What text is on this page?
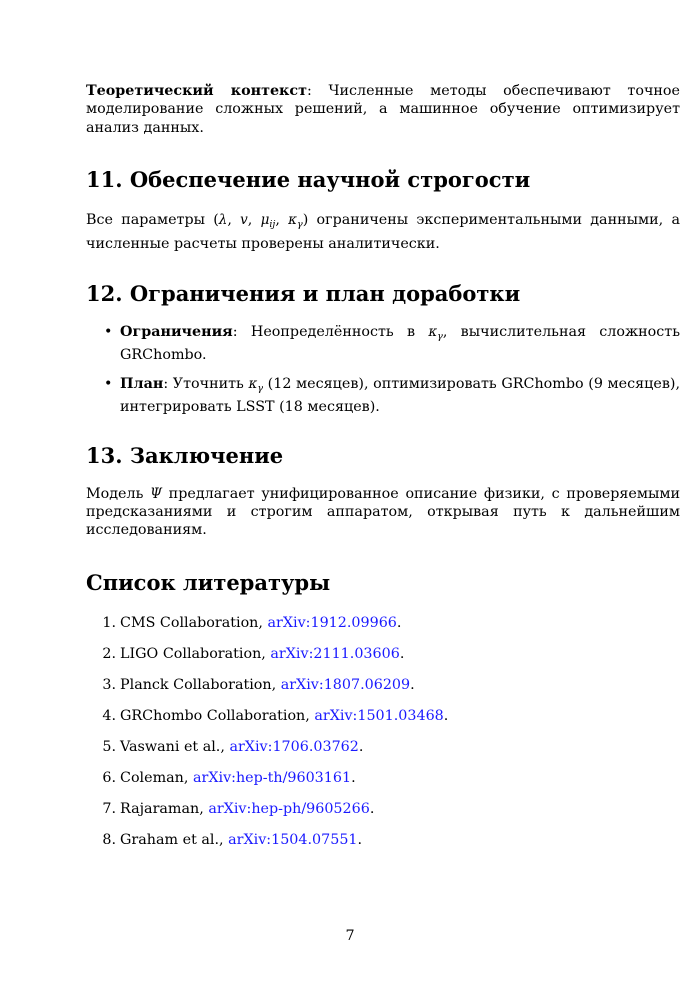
Теоретический контекст: Численные методы обеспечивают точное моделирование сложных решений, а машинное обучение оптимизирует анализ данных.

11. Обеспечение научной строгости

Все параметры (λ, v, $\mu_{ij}$, $\kappa_\gamma$) ограничены экспериментальными данными, а численные расчеты проверены аналитически.

12. Ограничения и план доработки
• Ограничения: Неопределённость в $\kappa_\gamma$, вычислительная сложность GRChombo.
• План: Уточнить $\kappa_\gamma$ (12 месяцев), оптимизировать GRChombo (9 месяцев), интегрировать LSST (18 месяцев).
13. Заключение

Модель Ψ предлагает унифицированное описание физики, с проверяемыми предсказаниями и строгим аппаратом, открывая путь к дальнейшим исследованиям.

Список литературы
1. CMS Collaboration, arXiv:1912.09966.
2. LIGO Collaboration, arXiv:2111.03606.
3. Planck Collaboration, arXiv:1807.06209.
4. GRChombo Collaboration, arXiv:1501.03468.
5. Vaswani et al., arXiv:1706.03762.
6. Coleman, arXiv:hep-th/9603161.
7. Rajaraman, arXiv:hep-ph/9605266.
8. Graham et al., arXiv:1504.07551.
7
